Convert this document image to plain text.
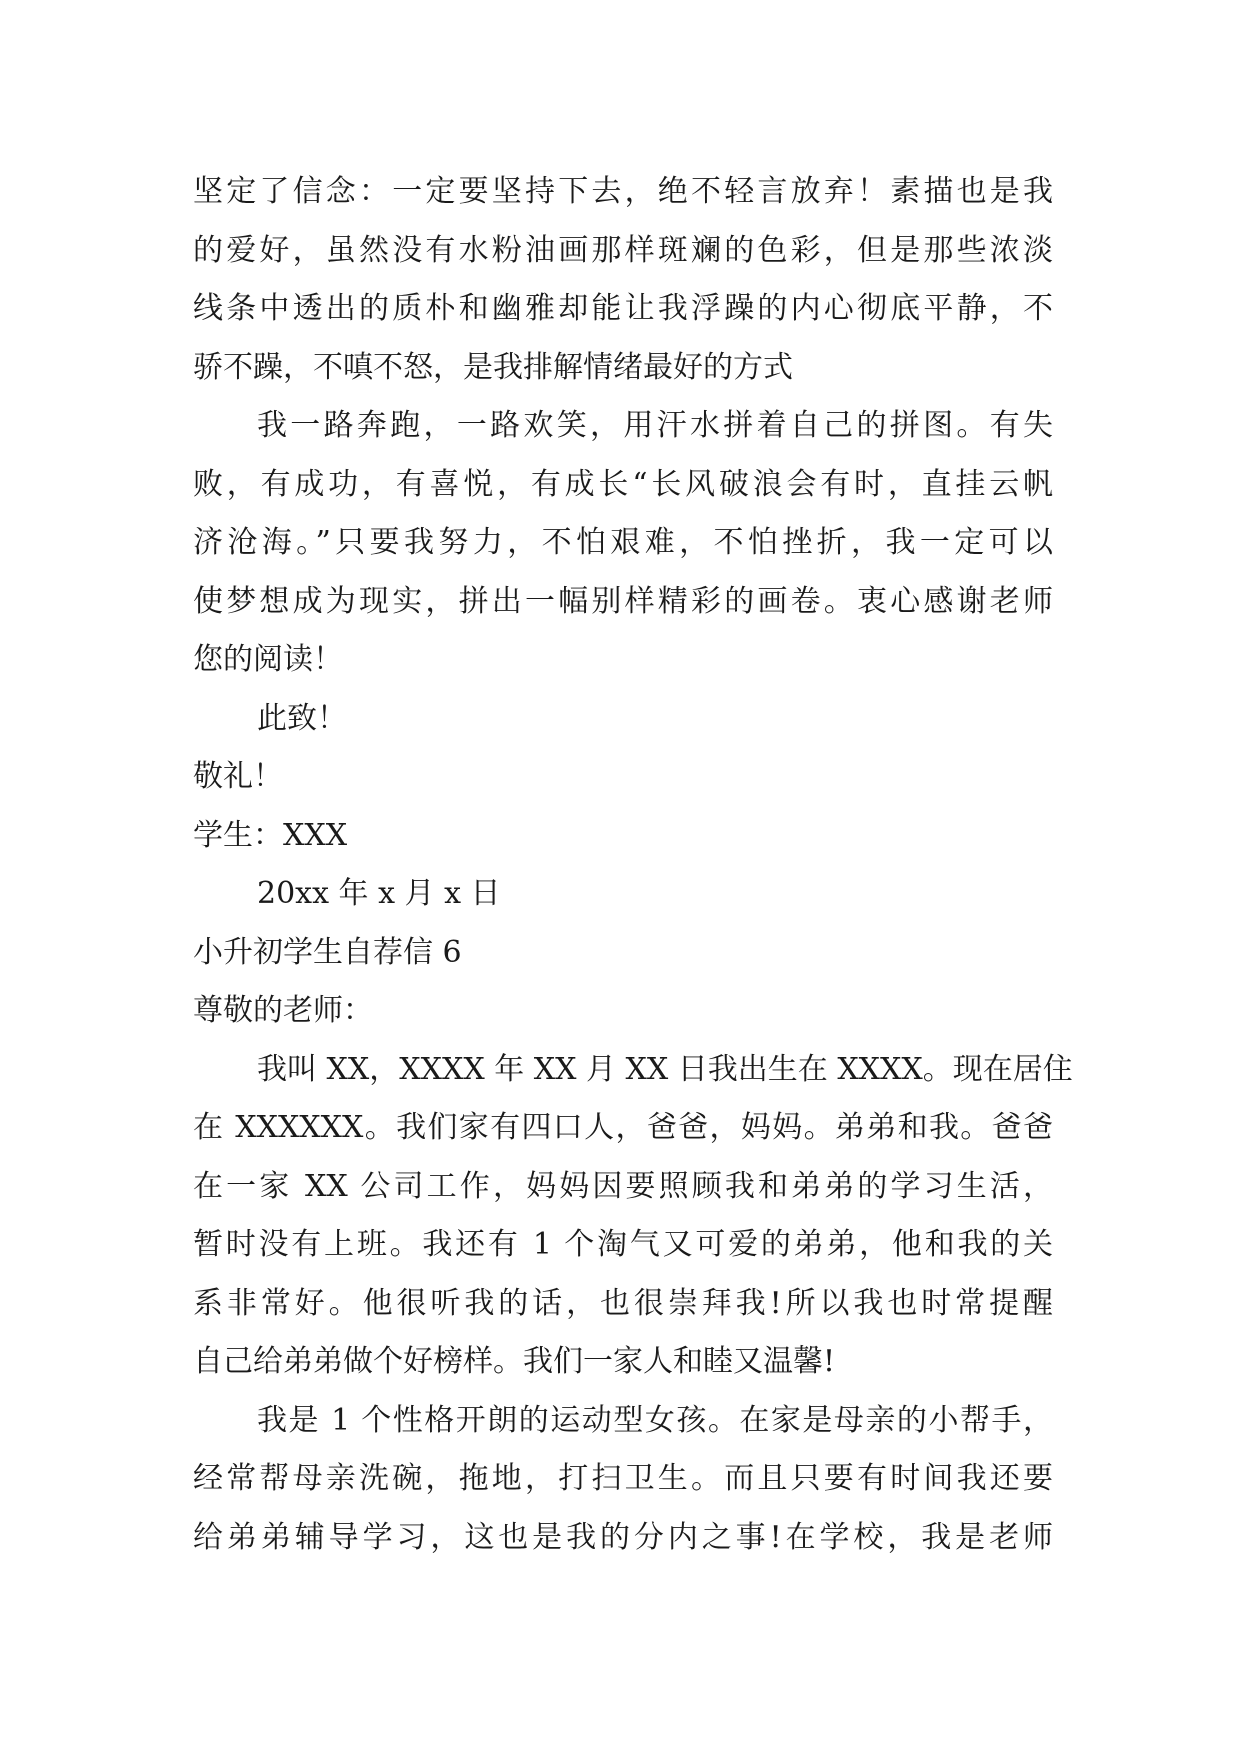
坚定了信念：一定要坚持下去，绝不轻言放弃！素描也是我
的爱好，虽然没有水粉油画那样斑斓的色彩，但是那些浓淡
线条中透出的质朴和幽雅却能让我浮躁的内心彻底平静，不
骄不躁，不嗔不怒，是我排解情绪最好的方式
我一路奔跑，一路欢笑，用汗水拼着自己的拼图。有失
败，有成功，有喜悦，有成长“长风破浪会有时，直挂云帆
济沧海。”只要我努力，不怕艰难，不怕挫折，我一定可以
使梦想成为现实，拼出一幅别样精彩的画卷。衷心感谢老师
您的阅读！
此致！
敬礼！
学生：XXX
20xx 年 x 月 x 日
小升初学生自荐信 6
尊敬的老师：
我叫 XX，XXXX 年 XX 月 XX 日我出生在 XXXX。现在居住
在 XXXXXX。我们家有四口人，爸爸，妈妈。弟弟和我。爸爸
在一家 XX 公司工作，妈妈因要照顾我和弟弟的学习生活，
暂时没有上班。我还有 1 个淘气又可爱的弟弟，他和我的关
系非常好。他很听我的话，也很崇拜我!所以我也时常提醒
自己给弟弟做个好榜样。我们一家人和睦又温馨!
我是 1 个性格开朗的运动型女孩。在家是母亲的小帮手，
经常帮母亲洗碗，拖地，打扫卫生。而且只要有时间我还要
给弟弟辅导学习，这也是我的分内之事!在学校，我是老师
